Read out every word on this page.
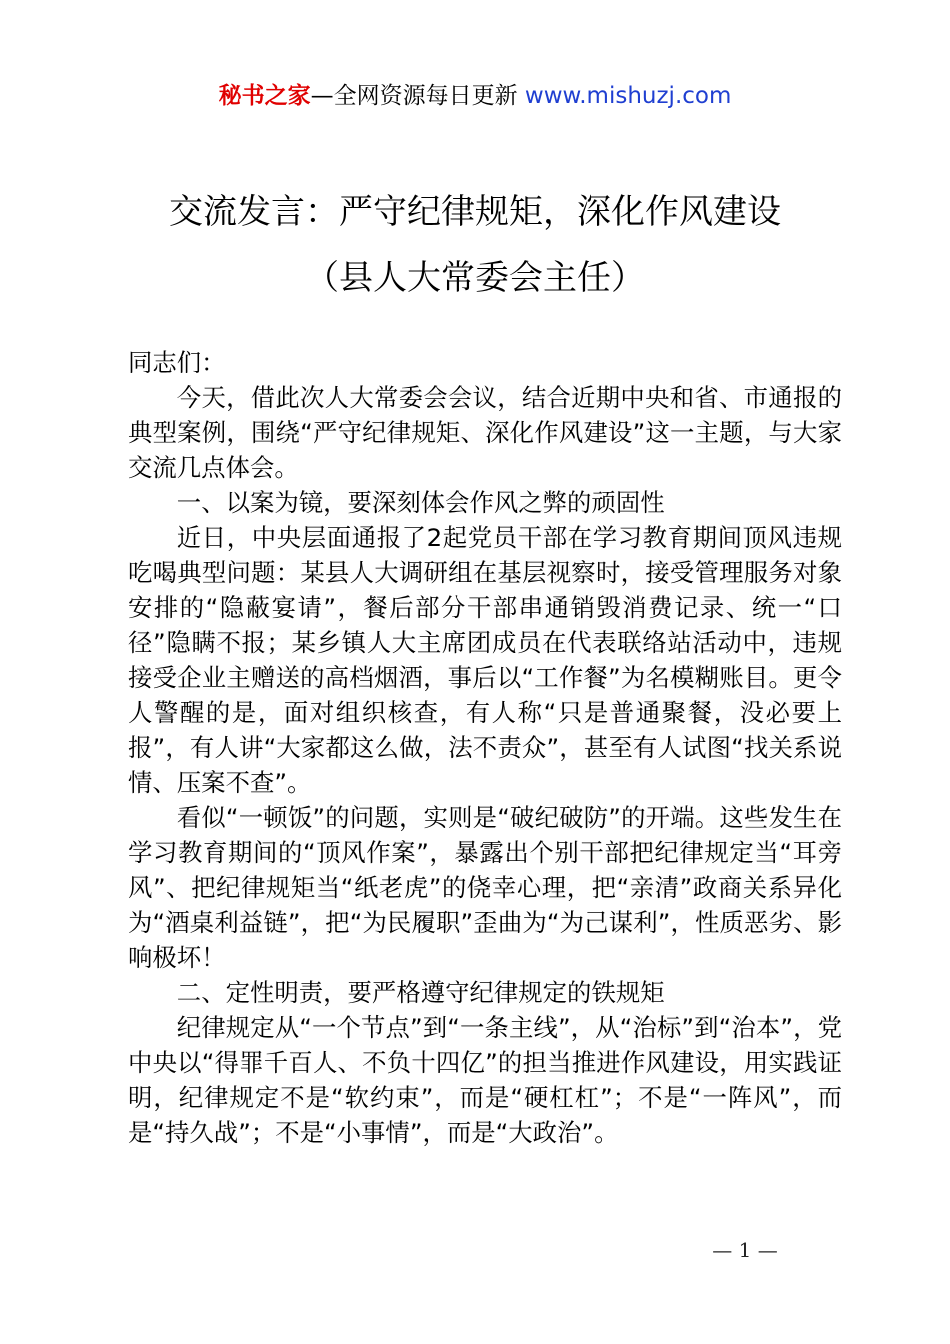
秘书之家—全网资源每日更新 www.mishuzj.com
交流发言：严守纪律规矩，深化作风建设
（县人大常委会主任）

同志们：

今天，借此次人大常委会会议，结合近期中央和省、市通报的典型案例，围绕“严守纪律规矩、深化作风建设”这一主题，与大家交流几点体会。

一、以案为镜，要深刻体会作风之弊的顽固性

近日，中央层面通报了2起党员干部在学习教育期间顶风违规吃喝典型问题：某县人大调研组在基层视察时，接受管理服务对象安排的“隐蔽宴请”，餐后部分干部串通销毁消费记录、统一“口径”隐瞒不报；某乡镇人大主席团成员在代表联络站活动中，违规接受企业主赠送的高档烟酒，事后以“工作餐”为名模糊账目。更令人警醒的是，面对组织核查，有人称“只是普通聚餐，没必要上报”，有人讲“大家都这么做，法不责众”，甚至有人试图“找关系说情、压案不查”。

看似“一顿饭”的问题，实则是“破纪破防”的开端。这些发生在学习教育期间的“顶风作案”，暴露出个别干部把纪律规定当“耳旁风”、把纪律规矩当“纸老虎”的侥幸心理，把“亲清”政商关系异化为“酒桌利益链”，把“为民履职”歪曲为“为己谋利”，性质恶劣、影响极坏！

二、定性明责，要严格遵守纪律规定的铁规矩

纪律规定从“一个节点”到“一条主线”，从“治标”到“治本”，党中央以“得罪千百人、不负十四亿”的担当推进作风建设，用实践证明，纪律规定不是“软约束”，而是“硬杠杠”；不是“一阵风”，而是“持久战”；不是“小事情”，而是“大政治”。

— 1 —
